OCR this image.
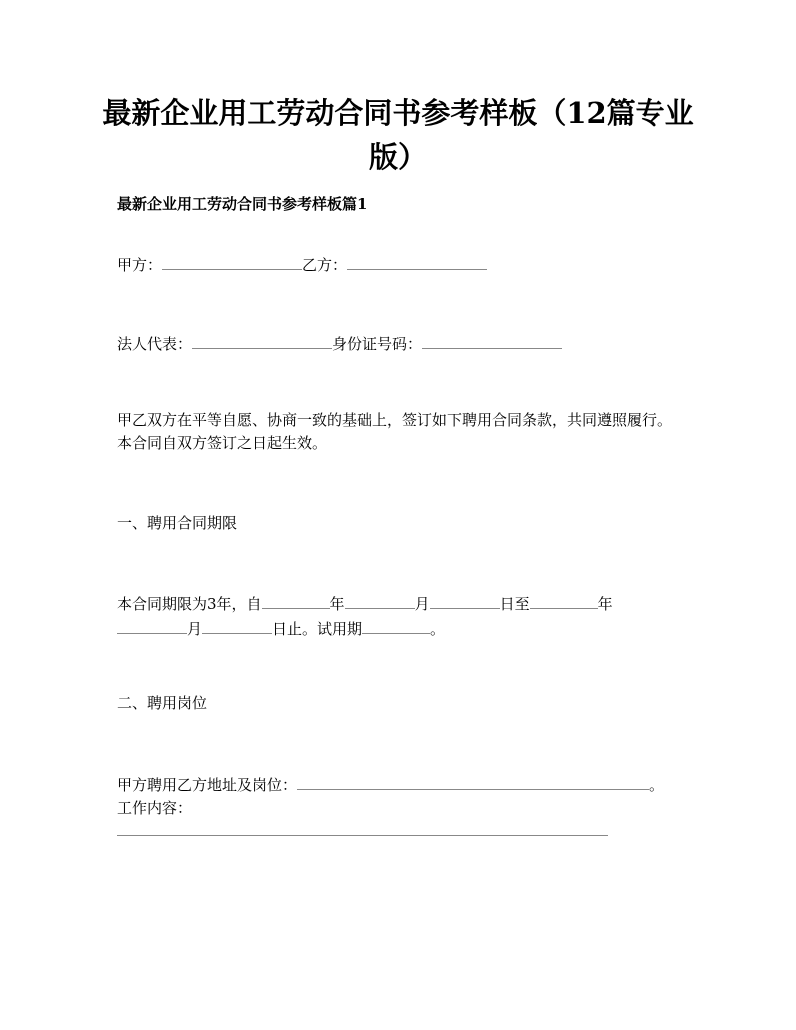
最新企业用工劳动合同书参考样板（12篇专业版）

最新企业用工劳动合同书参考样板篇1

甲方：	乙方：

法人代表：	身份证号码：

甲乙双方在平等自愿、协商一致的基础上，签订如下聘用合同条款，共同遵照履行。本合同自双方签订之日起生效。

一、聘用合同期限

本合同期限为3年，自	年	月	日至	年
月	日止。试用期	。

二、聘用岗位

甲方聘用乙方地址及岗位：	。
工作内容：
